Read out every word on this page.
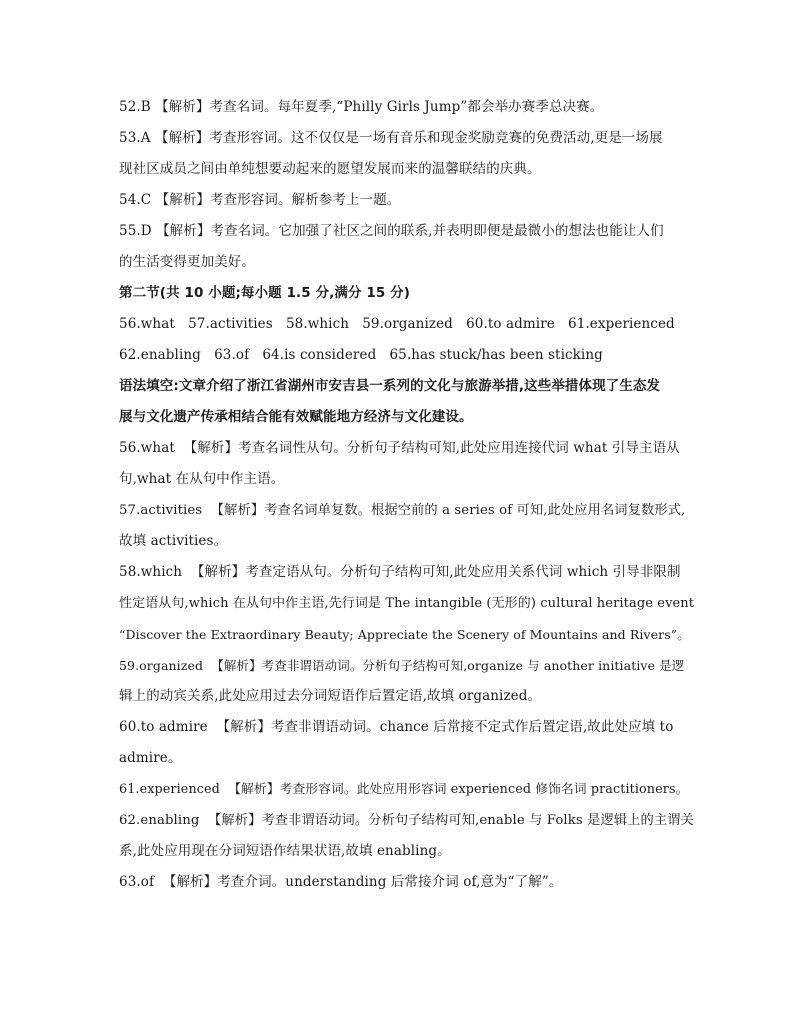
52.B 【解析】考查名词。每年夏季,“Philly Girls Jump”都会举办赛季总决赛。
53.A 【解析】考查形容词。这不仅仅是一场有音乐和现金奖励竞赛的免费活动,更是一场展
现社区成员之间由单纯想要动起来的愿望发展而来的温馨联结的庆典。
54.C 【解析】考查形容词。解析参考上一题。
55.D 【解析】考查名词。它加强了社区之间的联系,并表明即便是最微小的想法也能让人们
的生活变得更加美好。
第二节(共 10 小题;每小题 1.5 分,满分 15 分)
56.what   57.activities   58.which   59.organized   60.to admire   61.experienced
62.enabling   63.of   64.is considered   65.has stuck/has been sticking
语法填空:文章介绍了浙江省湖州市安吉县一系列的文化与旅游举措,这些举措体现了生态发
展与文化遗产传承相结合能有效赋能地方经济与文化建设。
56.what  【解析】考查名词性从句。分析句子结构可知,此处应用连接代词 what 引导主语从
句,what 在从句中作主语。
57.activities  【解析】考查名词单复数。根据空前的 a series of 可知,此处应用名词复数形式,
故填 activities。
58.which  【解析】考查定语从句。分析句子结构可知,此处应用关系代词 which 引导非限制
性定语从句,which 在从句中作主语,先行词是 The intangible (无形的) cultural heritage event
“Discover the Extraordinary Beauty; Appreciate the Scenery of Mountains and Rivers”。
59.organized  【解析】考查非谓语动词。分析句子结构可知,organize 与 another initiative 是逻
辑上的动宾关系,此处应用过去分词短语作后置定语,故填 organized。
60.to admire  【解析】考查非谓语动词。chance 后常接不定式作后置定语,故此处应填 to
admire。
61.experienced  【解析】考查形容词。此处应用形容词 experienced 修饰名词 practitioners。
62.enabling  【解析】考查非谓语动词。分析句子结构可知,enable 与 Folks 是逻辑上的主谓关
系,此处应用现在分词短语作结果状语,故填 enabling。
63.of  【解析】考查介词。understanding 后常接介词 of,意为“了解”。
